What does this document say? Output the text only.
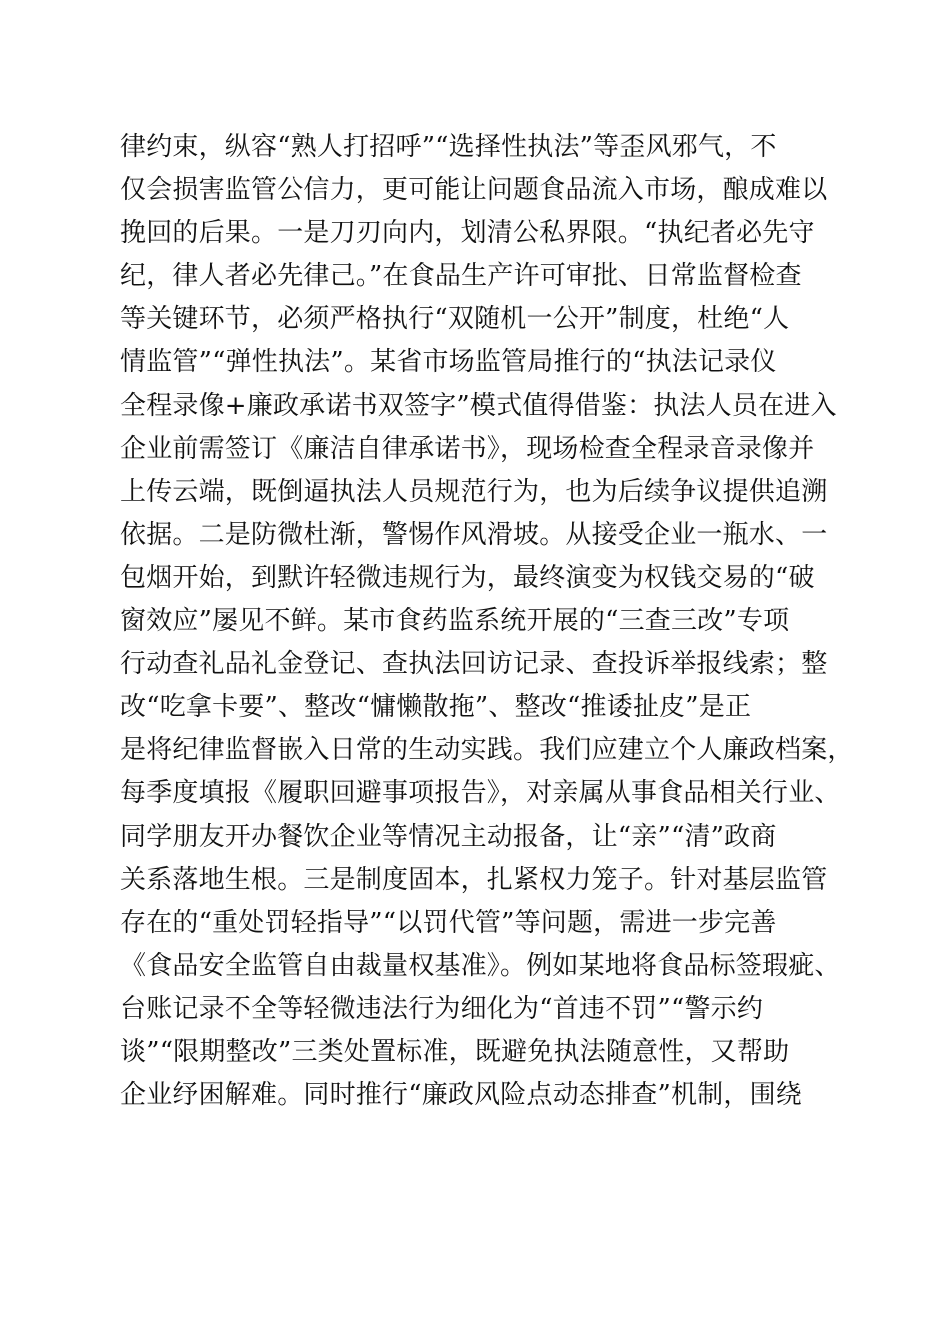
律约束，纵容“熟人打招呼”“选择性执法”等歪风邪气，不
仅会损害监管公信力，更可能让问题食品流入市场，酿成难以
挽回的后果。一是刀刃向内，划清公私界限。“执纪者必先守
纪，律人者必先律己。”在食品生产许可审批、日常监督检查
等关键环节，必须严格执行“双随机一公开”制度，杜绝“人
情监管”“弹性执法”。某省市场监管局推行的“执法记录仪
全程录像+廉政承诺书双签字”模式值得借鉴：执法人员在进入
企业前需签订《廉洁自律承诺书》，现场检查全程录音录像并
上传云端，既倒逼执法人员规范行为，也为后续争议提供追溯
依据。二是防微杜渐，警惕作风滑坡。从接受企业一瓶水、一
包烟开始，到默许轻微违规行为，最终演变为权钱交易的“破
窗效应”屡见不鲜。某市食药监系统开展的“三查三改”专项
行动查礼品礼金登记、查执法回访记录、查投诉举报线索；整
改“吃拿卡要”、整改“慵懒散拖”、整改“推诿扯皮”是正
是将纪律监督嵌入日常的生动实践。我们应建立个人廉政档案，
每季度填报《履职回避事项报告》，对亲属从事食品相关行业、
同学朋友开办餐饮企业等情况主动报备，让“亲”“清”政商
关系落地生根。三是制度固本，扎紧权力笼子。针对基层监管
存在的“重处罚轻指导”“以罚代管”等问题，需进一步完善
《食品安全监管自由裁量权基准》。例如某地将食品标签瑕疵、
台账记录不全等轻微违法行为细化为“首违不罚”“警示约
谈”“限期整改”三类处置标准，既避免执法随意性，又帮助
企业纾困解难。同时推行“廉政风险点动态排查”机制，围绕
